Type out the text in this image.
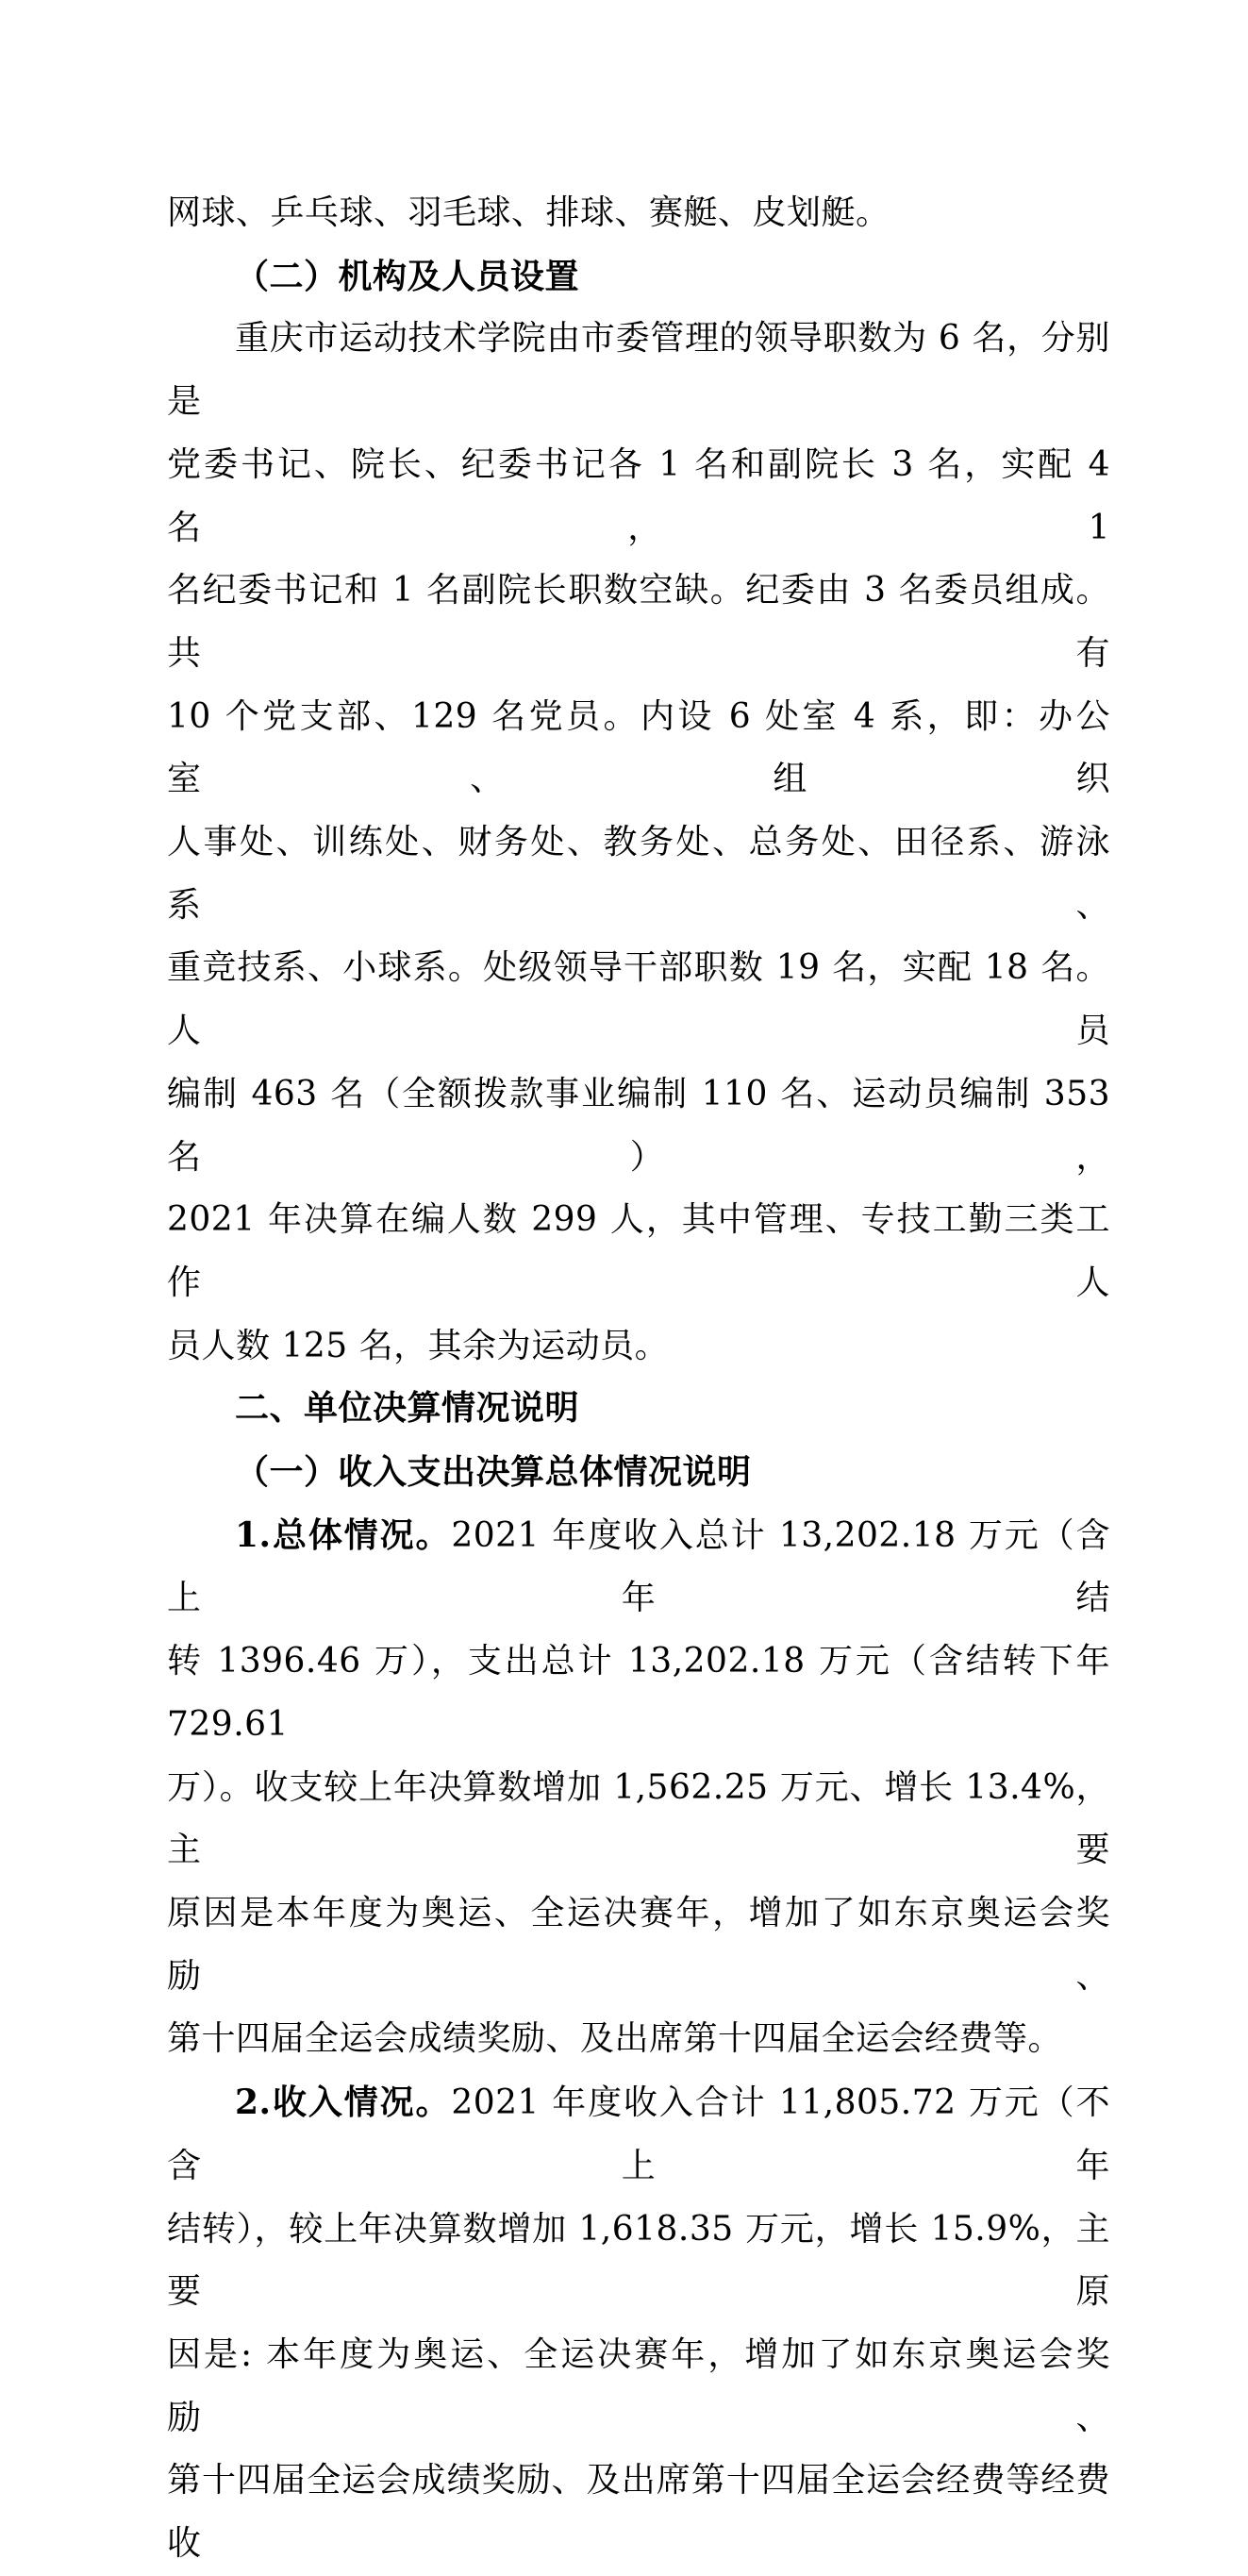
网球、乒乓球、羽毛球、排球、赛艇、皮划艇。
（二）机构及人员设置
重庆市运动技术学院由市委管理的领导职数为 6 名，分别是
党委书记、院长、纪委书记各 1 名和副院长 3 名，实配 4 名，1
名纪委书记和 1 名副院长职数空缺。纪委由 3 名委员组成。共有
10 个党支部、129 名党员。内设 6 处室 4 系，即：办公室、组织
人事处、训练处、财务处、教务处、总务处、田径系、游泳系、
重竞技系、小球系。处级领导干部职数 19 名，实配 18 名。人员
编制 463 名（全额拨款事业编制 110 名、运动员编制 353 名），
2021 年决算在编人数 299 人，其中管理、专技工勤三类工作人
员人数 125 名，其余为运动员。
二、单位决算情况说明
（一）收入支出决算总体情况说明
1.总体情况。2021 年度收入总计 13,202.18 万元（含上年结
转 1396.46 万），支出总计 13,202.18 万元（含结转下年 729.61
万）。收支较上年决算数增加 1,562.25 万元、增长 13.4%，主要
原因是本年度为奥运、全运决赛年，增加了如东京奥运会奖励、
第十四届全运会成绩奖励、及出席第十四届全运会经费等。
2.收入情况。2021 年度收入合计 11,805.72 万元（不含上年
结转），较上年决算数增加 1,618.35 万元，增长 15.9%，主要原
因是: 本年度为奥运、全运决赛年，增加了如东京奥运会奖励、
第十四届全运会成绩奖励、及出席第十四届全运会经费等经费收
